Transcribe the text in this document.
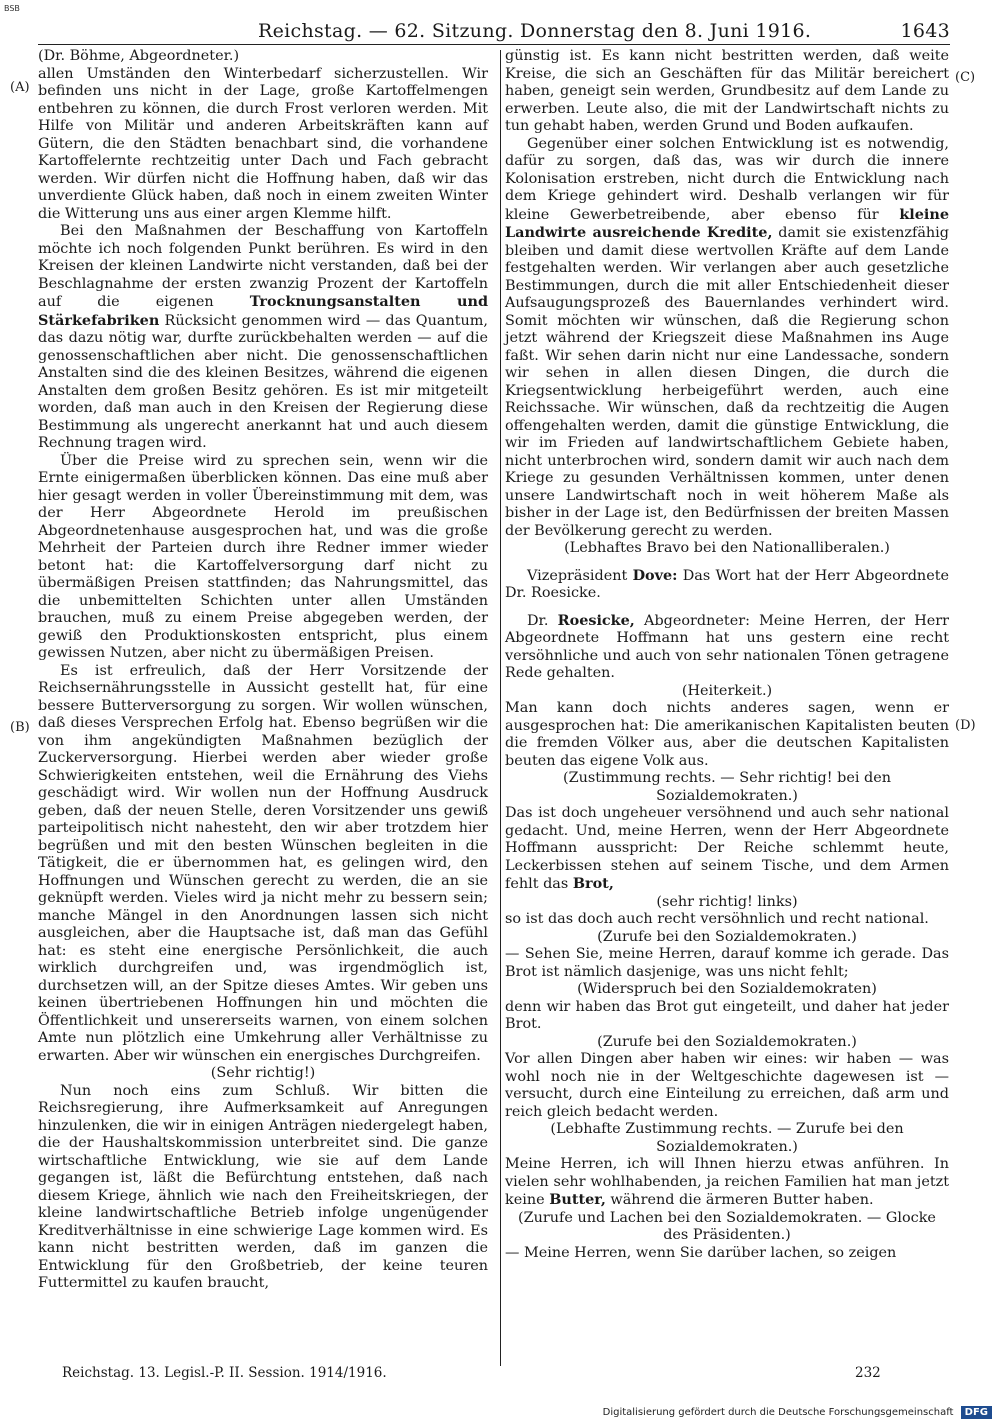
BSB
Reichstag. — 62. Sitzung. Donnerstag den 8. Juni 1916.	1643
(A)
(B)
(C)
(D)

(Dr. Böhme, Abgeordneter.)

allen Umständen den Winterbedarf sicherzustellen. Wir befinden uns nicht in der Lage, große Kartoffelmengen entbehren zu können, die durch Frost verloren werden. Mit Hilfe von Militär und anderen Arbeitskräften kann auf Gütern, die den Städten benachbart sind, die vorhandene Kartoffelernte rechtzeitig unter Dach und Fach gebracht werden. Wir dürfen nicht die Hoffnung haben, daß wir das unverdiente Glück haben, daß noch in einem zweiten Winter die Witterung uns aus einer argen Klemme hilft.

Bei den Maßnahmen der Beschaffung von Kartoffeln möchte ich noch folgenden Punkt berühren. Es wird in den Kreisen der kleinen Landwirte nicht verstanden, daß bei der Beschlagnahme der ersten zwanzig Prozent der Kartoffeln auf die eigenen	Trocknungsanstalten und Stärkefabriken Rücksicht genommen wird — das Quantum, das dazu nötig war, durfte zurückbehalten werden — auf die genossenschaftlichen aber nicht. Die genossenschaftlichen Anstalten sind die des kleinen Besitzes, während die eigenen Anstalten dem großen Besitz gehören. Es ist mir mitgeteilt worden, daß man auch in den Kreisen der Regierung diese Bestimmung als ungerecht anerkannt hat und auch diesem Rechnung tragen wird.

Über die Preise wird zu sprechen sein, wenn wir die Ernte einigermaßen überblicken können. Das eine muß aber hier gesagt werden in voller Übereinstimmung mit dem, was der Herr Abgeordnete Herold im preußischen Abgeordnetenhause ausgesprochen hat, und was die große Mehrheit der Parteien durch ihre Redner immer wieder betont hat: die Kartoffelversorgung darf nicht zu übermäßigen Preisen stattfinden; das Nahrungsmittel, das die unbemittelten Schichten unter allen Umständen brauchen, muß zu einem Preise abgegeben werden, der gewiß den Produktionskosten entspricht, plus einem gewissen Nutzen, aber nicht zu übermäßigen Preisen.

Es ist erfreulich, daß der Herr Vorsitzende der Reichsernährungsstelle in Aussicht gestellt hat, für eine bessere Butterversorgung zu sorgen. Wir wollen wünschen, daß dieses Versprechen Erfolg hat. Ebenso begrüßen wir die von ihm angekündigten Maßnahmen bezüglich der Zuckerversorgung. Hierbei werden aber wieder große Schwierigkeiten entstehen, weil die Ernährung des Viehs geschädigt wird. Wir wollen nun der Hoffnung Ausdruck geben, daß der neuen Stelle, deren Vorsitzender uns gewiß parteipolitisch nicht nahesteht, den wir aber trotzdem hier begrüßen und mit den besten Wünschen begleiten in die Tätigkeit, die er übernommen hat, es gelingen wird, den Hoffnungen und Wünschen gerecht zu werden, die an sie geknüpft werden. Vieles wird ja nicht mehr zu bessern sein; manche Mängel in den Anordnungen lassen sich nicht ausgleichen, aber die Hauptsache ist, daß man das Gefühl hat: es steht eine energische Persönlichkeit, die auch wirklich durchgreifen und, was irgendmöglich ist, durchsetzen will, an der Spitze dieses Amtes. Wir geben uns keinen übertriebenen Hoffnungen hin und möchten die Öffentlichkeit und unsererseits warnen, von einem solchen Amte nun plötzlich eine Umkehrung aller Verhältnisse zu erwarten. Aber wir wünschen ein energisches Durchgreifen.

(Sehr richtig!)

Nun noch eins zum Schluß. Wir bitten die Reichsregierung, ihre Aufmerksamkeit auf Anregungen hinzulenken, die wir in einigen Anträgen niedergelegt haben, die der Haushaltskommission unterbreitet sind. Die ganze wirtschaftliche Entwicklung, wie sie auf dem Lande gegangen ist, läßt die Befürchtung entstehen, daß nach diesem Kriege, ähnlich wie nach den Freiheitskriegen, der kleine landwirtschaftliche Betrieb infolge ungenügender Kreditverhältnisse in eine schwierige Lage kommen wird. Es kann nicht bestritten werden, daß im ganzen die Entwicklung für den Großbetrieb, der keine teuren Futtermittel zu kaufen braucht,

günstig ist. Es kann nicht bestritten werden, daß weite Kreise, die sich an Geschäften für das Militär bereichert haben, geneigt sein werden, Grundbesitz auf dem Lande zu erwerben. Leute also, die mit der Landwirtschaft nichts zu tun gehabt haben, werden Grund und Boden aufkaufen.

Gegenüber einer solchen Entwicklung ist es notwendig, dafür zu sorgen, daß das, was wir durch die innere Kolonisation erstreben, nicht durch die Entwicklung nach dem Kriege gehindert wird. Deshalb verlangen wir für kleine Gewerbetreibende, aber ebenso für kleine Landwirte ausreichende Kredite, damit sie existenzfähig bleiben und damit diese wertvollen Kräfte auf dem Lande festgehalten werden. Wir verlangen aber auch gesetzliche Bestimmungen, durch die mit aller Entschiedenheit dieser Aufsaugungsprozeß des Bauernlandes verhindert wird. Somit möchten wir wünschen, daß die Regierung schon jetzt während der Kriegszeit diese Maßnahmen ins Auge faßt. Wir sehen darin nicht nur eine Landessache, sondern wir sehen in allen diesen Dingen, die durch die Kriegsentwicklung herbeigeführt werden, auch eine Reichssache. Wir wünschen, daß da rechtzeitig die Augen offengehalten werden, damit die günstige Entwicklung, die wir im Frieden auf landwirtschaftlichem Gebiete haben, nicht unterbrochen wird, sondern damit wir auch nach dem Kriege zu gesunden Verhältnissen kommen, unter denen unsere Landwirtschaft noch in weit höherem Maße als bisher in der Lage ist, den Bedürfnissen der breiten Massen der Bevölkerung gerecht zu werden.

(Lebhaftes Bravo bei den Nationalliberalen.)

Vizepräsident Dove: Das Wort hat der Herr Abgeordnete Dr. Roesicke.

Dr. Roesicke, Abgeordneter: Meine Herren, der Herr Abgeordnete Hoffmann hat uns gestern eine recht versöhnliche und auch von sehr nationalen Tönen getragene Rede gehalten.

(Heiterkeit.)

Man kann doch nichts anderes sagen, wenn er ausgesprochen hat: Die amerikanischen Kapitalisten beuten die fremden Völker aus, aber die deutschen Kapitalisten beuten das eigene Volk aus.

(Zustimmung rechts. — Sehr richtig! bei den Sozialdemokraten.)

Das ist doch ungeheuer versöhnend und auch sehr national gedacht. Und, meine Herren, wenn der Herr Abgeordnete Hoffmann ausspricht: Der Reiche schlemmt heute, Leckerbissen stehen auf seinem Tische, und dem Armen fehlt das Brot,

(sehr richtig! links)

so ist das doch auch recht versöhnlich und recht national.

(Zurufe bei den Sozialdemokraten.)

— Sehen Sie, meine Herren, darauf komme ich gerade. Das Brot ist nämlich dasjenige, was uns nicht fehlt;

(Widerspruch bei den Sozialdemokraten)

denn wir haben das Brot gut eingeteilt, und daher hat jeder Brot.

(Zurufe bei den Sozialdemokraten.)

Vor allen Dingen aber haben wir eines: wir haben — was wohl noch nie in der Weltgeschichte dagewesen ist — versucht, durch eine Einteilung zu erreichen, daß arm und reich gleich bedacht werden.

(Lebhafte Zustimmung rechts. — Zurufe bei den Sozialdemokraten.)

Meine Herren, ich will Ihnen hierzu etwas anführen. In vielen sehr wohlhabenden, ja reichen Familien hat man jetzt keine Butter, während die ärmeren Butter haben.

(Zurufe und Lachen bei den Sozialdemokraten. — Glocke des Präsidenten.)

— Meine Herren, wenn Sie darüber lachen, so zeigen

Reichstag. 13. Legisl.-P. II. Session. 1914/1916.	232
Digitalisierung gefördert durch die Deutsche Forschungsgemeinschaft DFG
